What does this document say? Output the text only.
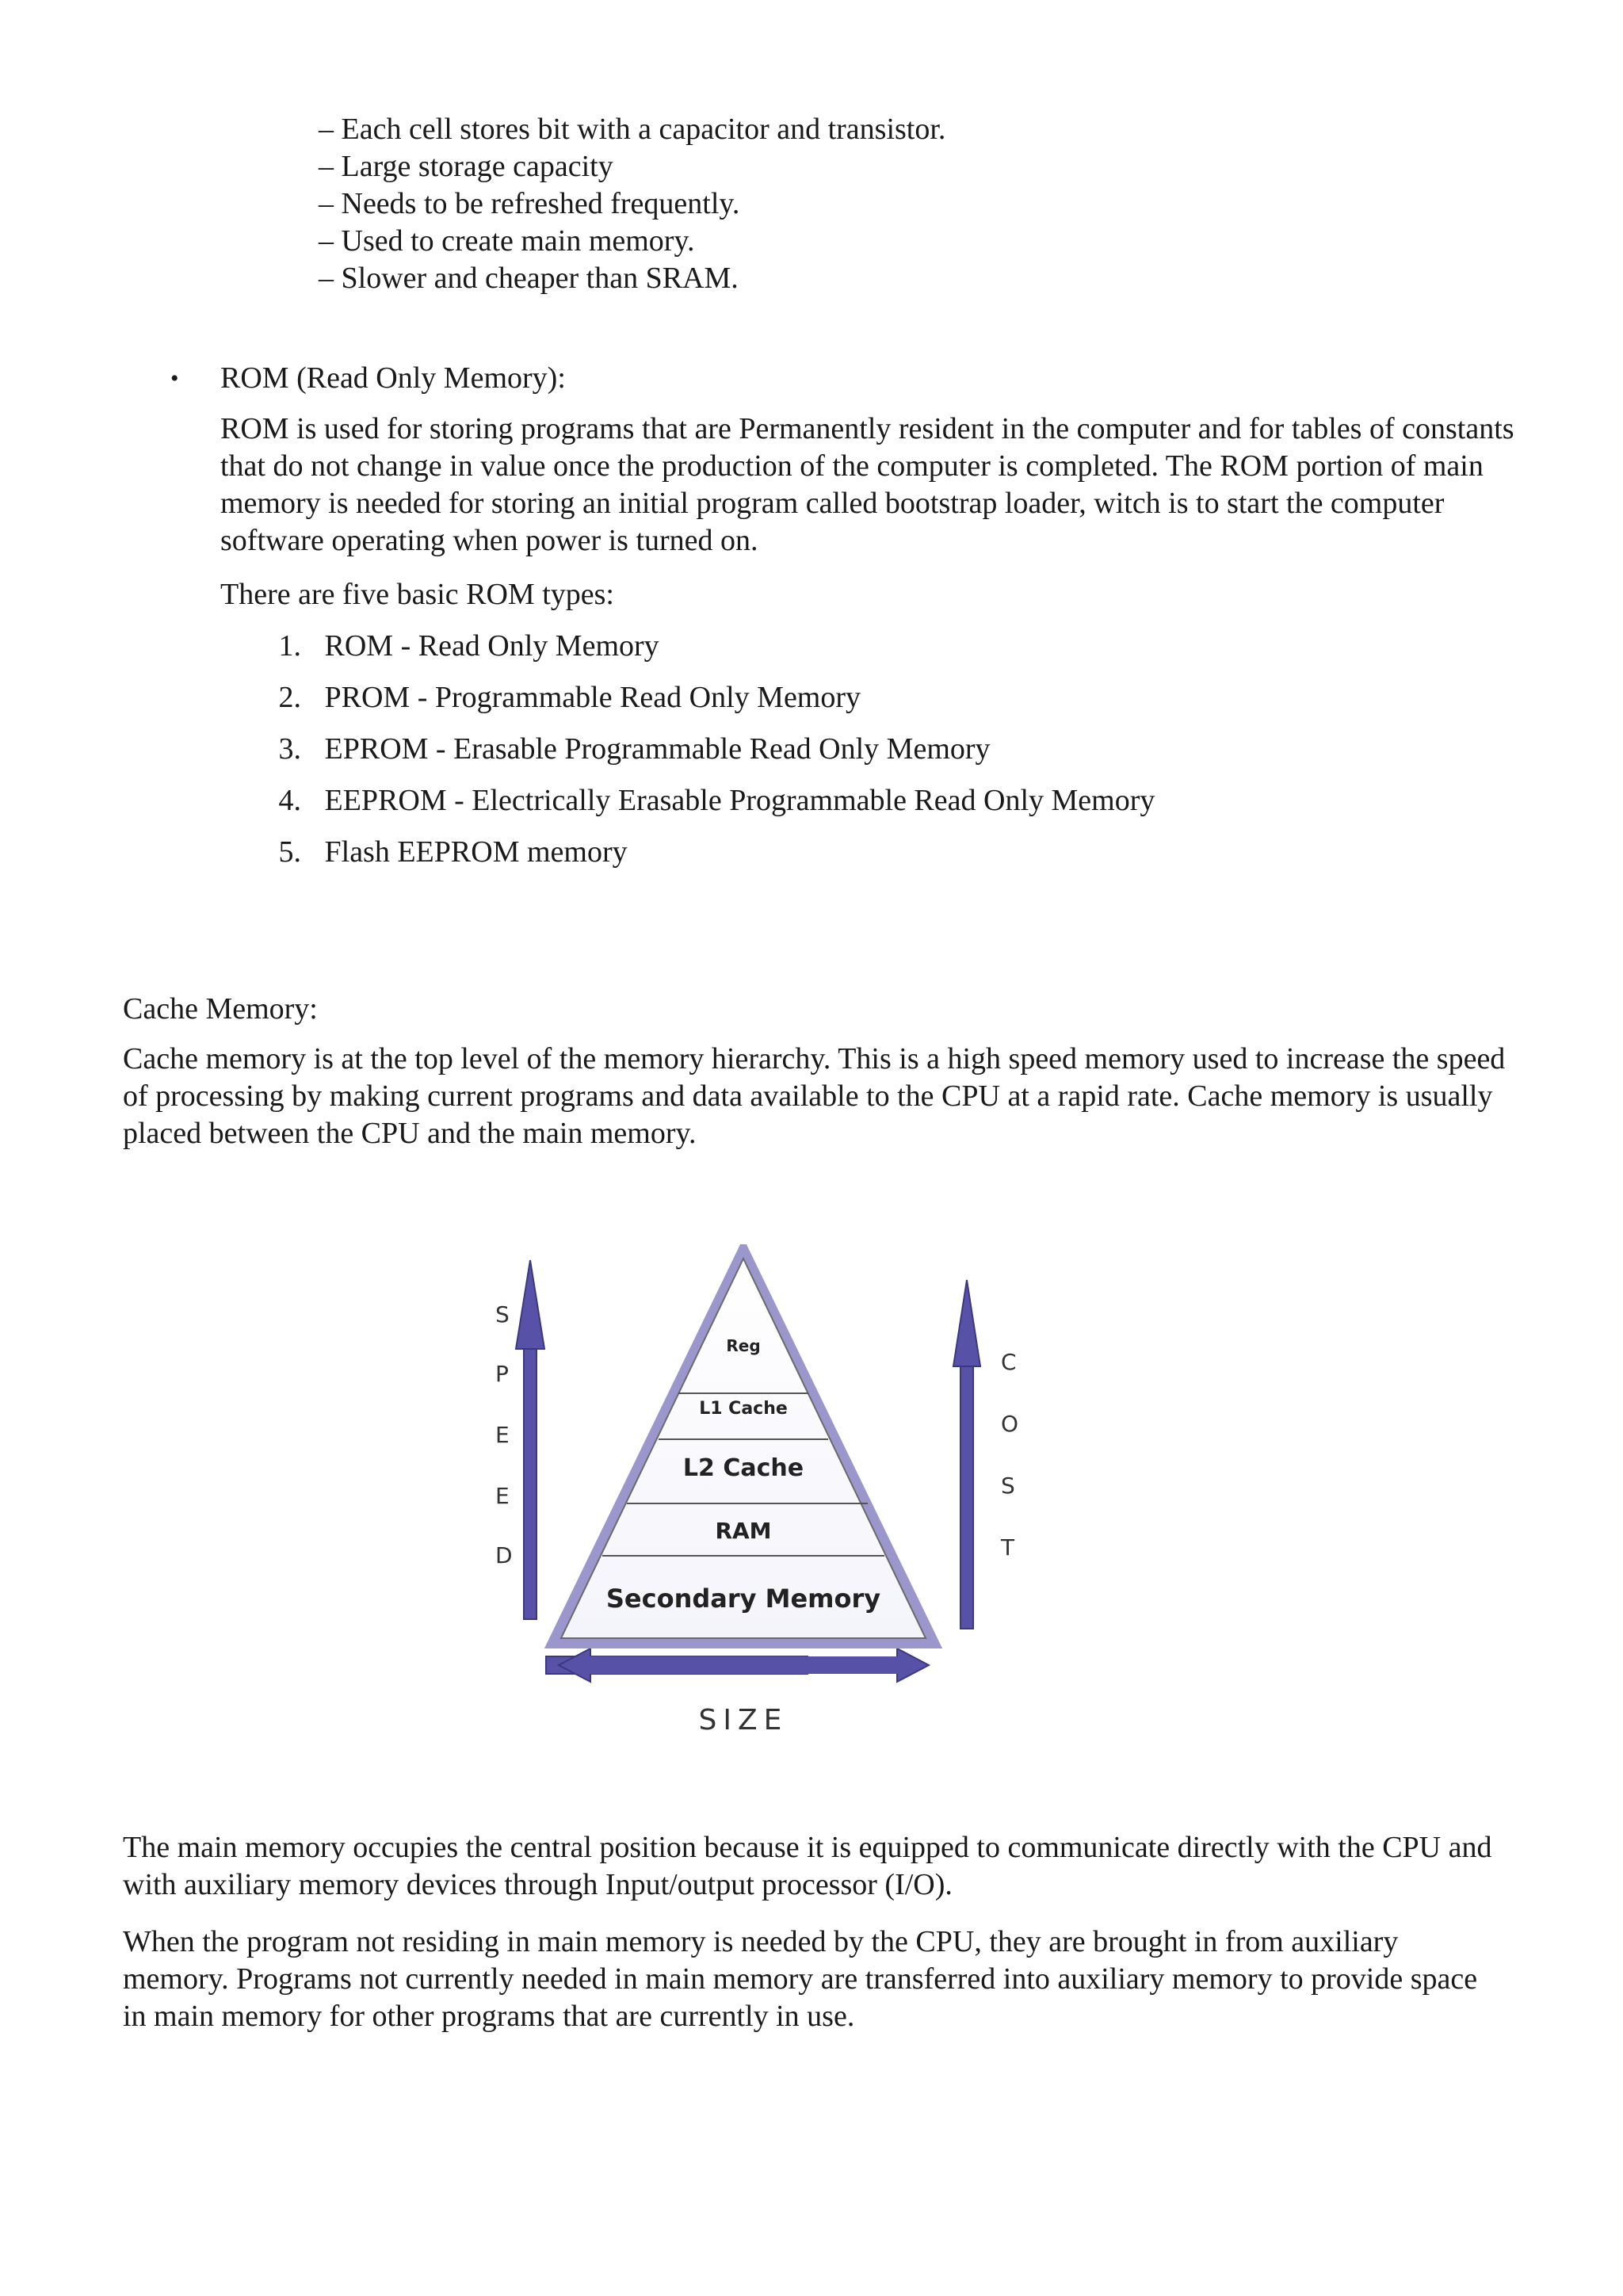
– Each cell stores bit with a capacitor and transistor.
– Large storage capacity
– Needs to be refreshed frequently.
– Used to create main memory.
– Slower and cheaper than SRAM.
• ROM (Read Only Memory):
ROM is used for storing programs that are Permanently resident in the computer and for tables of constants that do not change in value once the production of the computer is completed. The ROM portion of main memory is needed for storing an initial program called bootstrap loader, witch is to start the computer software operating when power is turned on.
There are five basic ROM types:
1. ROM - Read Only Memory
2. PROM - Programmable Read Only Memory
3. EPROM - Erasable Programmable Read Only Memory
4. EEPROM - Electrically Erasable Programmable Read Only Memory
5. Flash EEPROM memory
Cache Memory:
Cache memory is at the top level of the memory hierarchy. This is a high speed memory used to increase the speed of processing by making current programs and data available to the CPU at a rapid rate. Cache memory is usually placed between the CPU and the main memory.
Reg
L1 Cache
L2 Cache
RAM
Secondary Memory
S
P
E
E
D
C
O
S
T
SIZE
The main memory occupies the central position because it is equipped to communicate directly with the CPU and with auxiliary memory devices through Input/output processor (I/O).
When the program not residing in main memory is needed by the CPU, they are brought in from auxiliary memory. Programs not currently needed in main memory are transferred into auxiliary memory to provide space in main memory for other programs that are currently in use.
